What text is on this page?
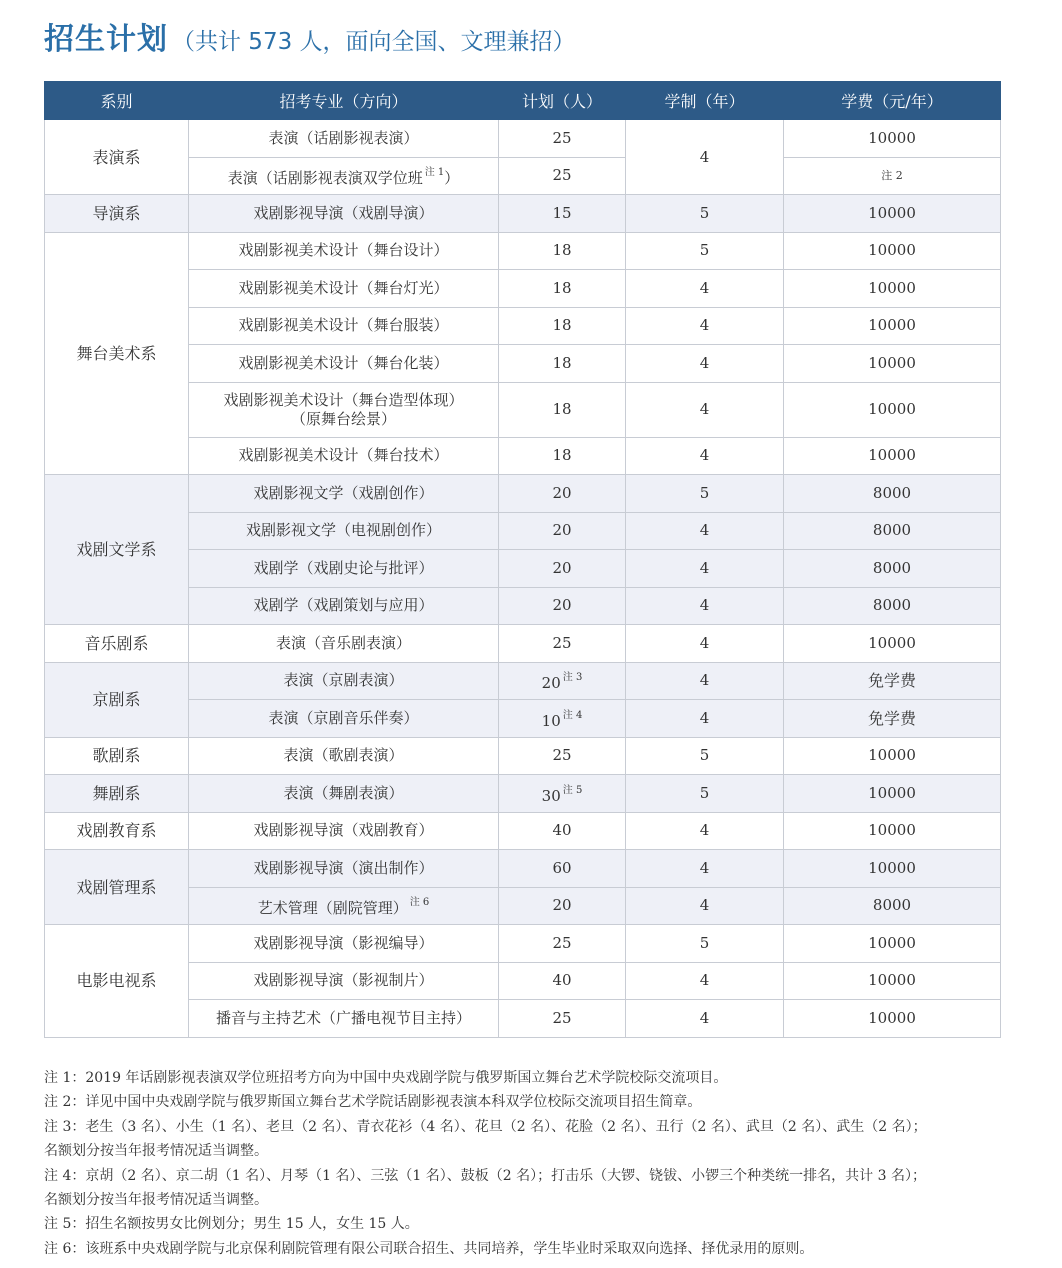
招生计划 （共计 573 人，面向全国、文理兼招）
系别	招考专业（方向）	计划（人）	学制（年）	学费（元/年）
表演系	表演（话剧影视表演）	25	4	10000
	表演（话剧影视表演双学位班 $^{注 1}$）	25		注 2
导演系	戏剧影视导演（戏剧导演）	15	5	10000
舞台美术系	戏剧影视美术设计（舞台设计）	18	5	10000
	戏剧影视美术设计（舞台灯光）	18	4	10000
	戏剧影视美术设计（舞台服装）	18	4	10000
	戏剧影视美术设计（舞台化装）	18	4	10000
	戏剧影视美术设计（舞台造型体现）
（原舞台绘景）	18	4	10000
	戏剧影视美术设计（舞台技术）	18	4	10000
戏剧文学系	戏剧影视文学（戏剧创作）	20	5	8000
	戏剧影视文学（电视剧创作）	20	4	8000
	戏剧学（戏剧史论与批评）	20	4	8000
	戏剧学（戏剧策划与应用）	20	4	8000
音乐剧系	表演（音乐剧表演）	25	4	10000
京剧系	表演（京剧表演）	20 $^{注 3}$	4	免学费
	表演（京剧音乐伴奏）	10 $^{注 4}$	4	免学费
歌剧系	表演（歌剧表演）	25	5	10000
舞剧系	表演（舞剧表演）	30 $^{注 5}$	5	10000
戏剧教育系	戏剧影视导演（戏剧教育）	40	4	10000
戏剧管理系	戏剧影视导演（演出制作）	60	4	10000
	艺术管理（剧院管理） $^{注 6}$	20	4	8000
电影电视系	戏剧影视导演（影视编导）	25	5	10000
	戏剧影视导演（影视制片）	40	4	10000
	播音与主持艺术（广播电视节目主持）	25	4	10000

注 1：2019 年话剧影视表演双学位班招考方向为中国中央戏剧学院与俄罗斯国立舞台艺术学院校际交流项目。

注 2：详见中国中央戏剧学院与俄罗斯国立舞台艺术学院话剧影视表演本科双学位校际交流项目招生简章。

注 3：老生（3 名）、小生（1 名）、老旦（2 名）、青衣花衫（4 名）、花旦（2 名）、花脸（2 名）、丑行（2 名）、武旦（2 名）、武生（2 名）；

名额划分按当年报考情况适当调整。

注 4：京胡（2 名）、京二胡（1 名）、月琴（1 名）、三弦（1 名）、鼓板（2 名）；打击乐（大锣、铙钹、小锣三个种类统一排名，共计 3 名）；

名额划分按当年报考情况适当调整。

注 5：招生名额按男女比例划分；男生 15 人，女生 15 人。

注 6：该班系中央戏剧学院与北京保利剧院管理有限公司联合招生、共同培养，学生毕业时采取双向选择、择优录用的原则。
